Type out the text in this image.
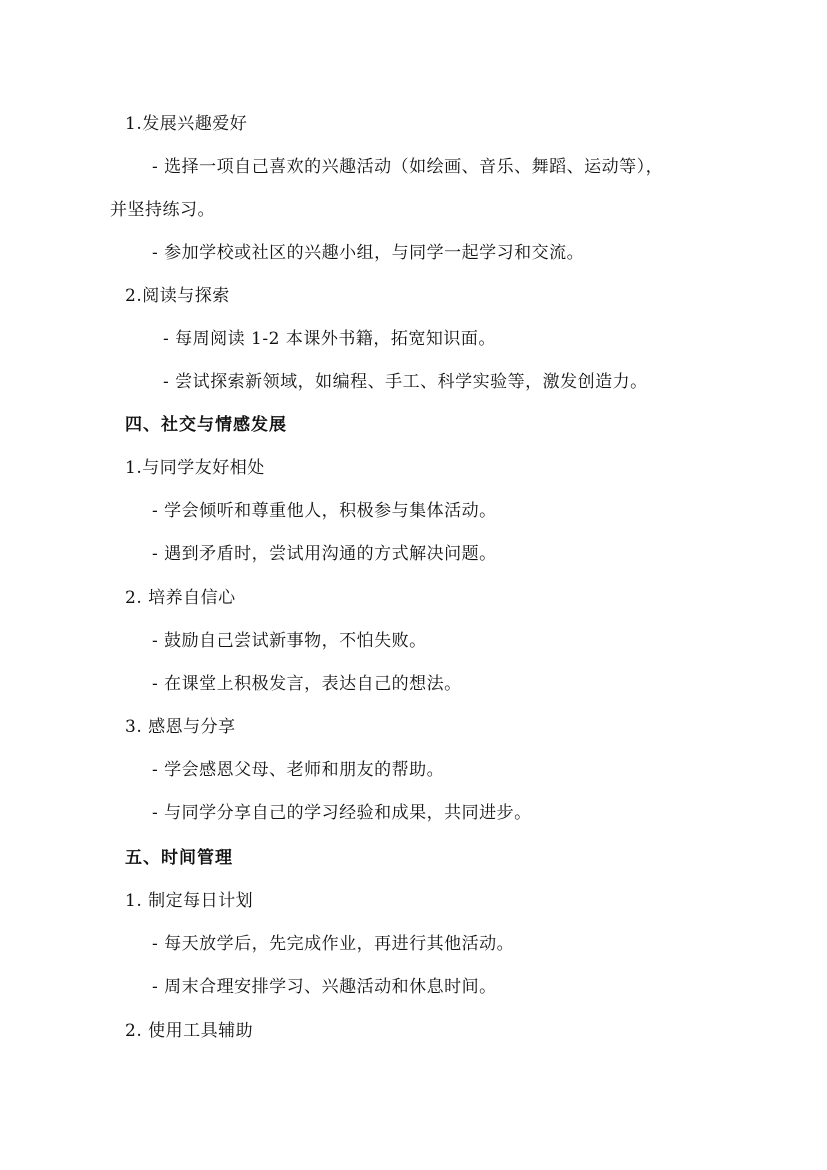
1.发展兴趣爱好
- 选择一项自己喜欢的兴趣活动（如绘画、音乐、舞蹈、运动等），
并坚持练习。
- 参加学校或社区的兴趣小组，与同学一起学习和交流。
2.阅读与探索
- 每周阅读 1-2 本课外书籍，拓宽知识面。
- 尝试探索新领域，如编程、手工、科学实验等，激发创造力。
四、社交与情感发展
1.与同学友好相处
- 学会倾听和尊重他人，积极参与集体活动。
- 遇到矛盾时，尝试用沟通的方式解决问题。
2. 培养自信心
- 鼓励自己尝试新事物，不怕失败。
- 在课堂上积极发言，表达自己的想法。
3. 感恩与分享
- 学会感恩父母、老师和朋友的帮助。
- 与同学分享自己的学习经验和成果，共同进步。
五、时间管理
1. 制定每日计划
- 每天放学后，先完成作业，再进行其他活动。
- 周末合理安排学习、兴趣活动和休息时间。
2. 使用工具辅助
